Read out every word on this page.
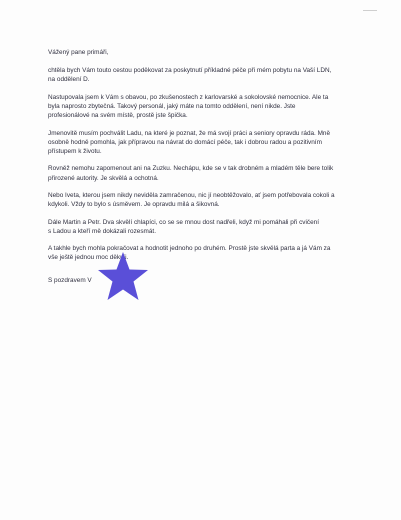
Vážený pane primáři,

chtěla bych Vám touto cestou poděkovat za poskytnutí příkladné péče při mém pobytu na Vaší LDN,
na oddělení D.

Nastupovala jsem k Vám s obavou, po zkušenostech z karlovarské a sokolovské nemocnice. Ale ta
byla naprosto zbytečná. Takový personál, jaký máte na tomto oddělení, není nikde. Jste
profesionálové na svém místě, prostě jste špička.

Jmenovitě musím pochválit Ladu, na které je poznat, že má svojí práci a seniory opravdu ráda. Mně
osobně hodně pomohla, jak přípravou na návrat do domácí péče, tak i dobrou radou a pozitivním
přístupem k životu.

Rovněž nemohu zapomenout ani na Zuzku. Nechápu, kde se v tak drobném a mladém těle bere tolik
přirozené autority. Je skvělá a ochotná.

Nebo Iveta, kterou jsem nikdy neviděla zamračenou, nic jí neobtěžovalo, ať jsem potřebovala cokoli a
kdykoli. Vždy to bylo s úsměvem. Je opravdu milá a šikovná.

Dále Martin a Petr. Dva skvělí chlapíci, co se se mnou dost nadřeli, když mi pomáhali při cvičení
s Ladou a kteří mě dokázali rozesmát.

A takhle bych mohla pokračovat a hodnotit jednoho po druhém. Prostě jste skvělá parta a já Vám za
vše ještě jednou moc děkuji.

S pozdravem V
